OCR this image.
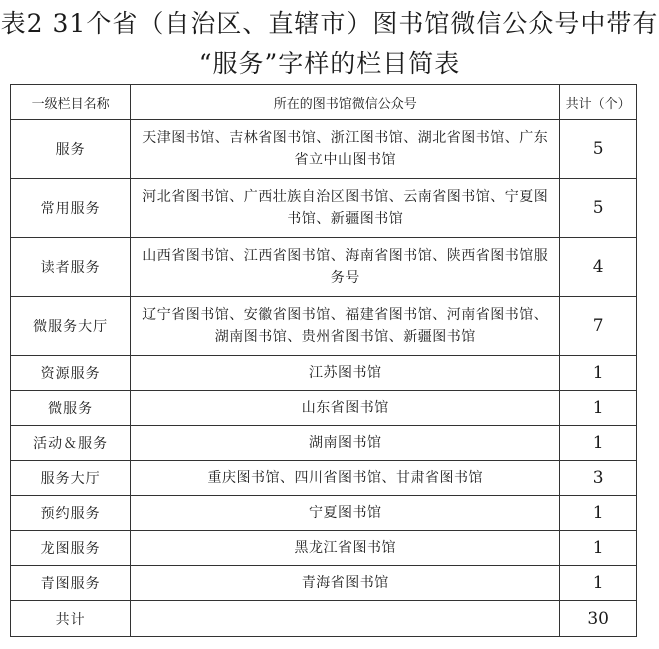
表2 31个省（自治区、直辖市）图书馆微信公众号中带有
“服务”字样的栏目简表
一级栏目名称	所在的图书馆微信公众号	共计（个）
服务	天津图书馆、吉林省图书馆、浙江图书馆、湖北省图书馆、广东省立中山图书馆	5
常用服务	河北省图书馆、广西壮族自治区图书馆、云南省图书馆、宁夏图书馆、新疆图书馆	5
读者服务	山西省图书馆、江西省图书馆、海南省图书馆、陕西省图书馆服务号	4
微服务大厅	辽宁省图书馆、安徽省图书馆、福建省图书馆、河南省图书馆、湖南图书馆、贵州省图书馆、新疆图书馆	7
资源服务	江苏图书馆	1
微服务	山东省图书馆	1
活动＆服务	湖南图书馆	1
服务大厅	重庆图书馆、四川省图书馆、甘肃省图书馆	3
预约服务	宁夏图书馆	1
龙图服务	黑龙江省图书馆	1
青图服务	青海省图书馆	1
共计		30
